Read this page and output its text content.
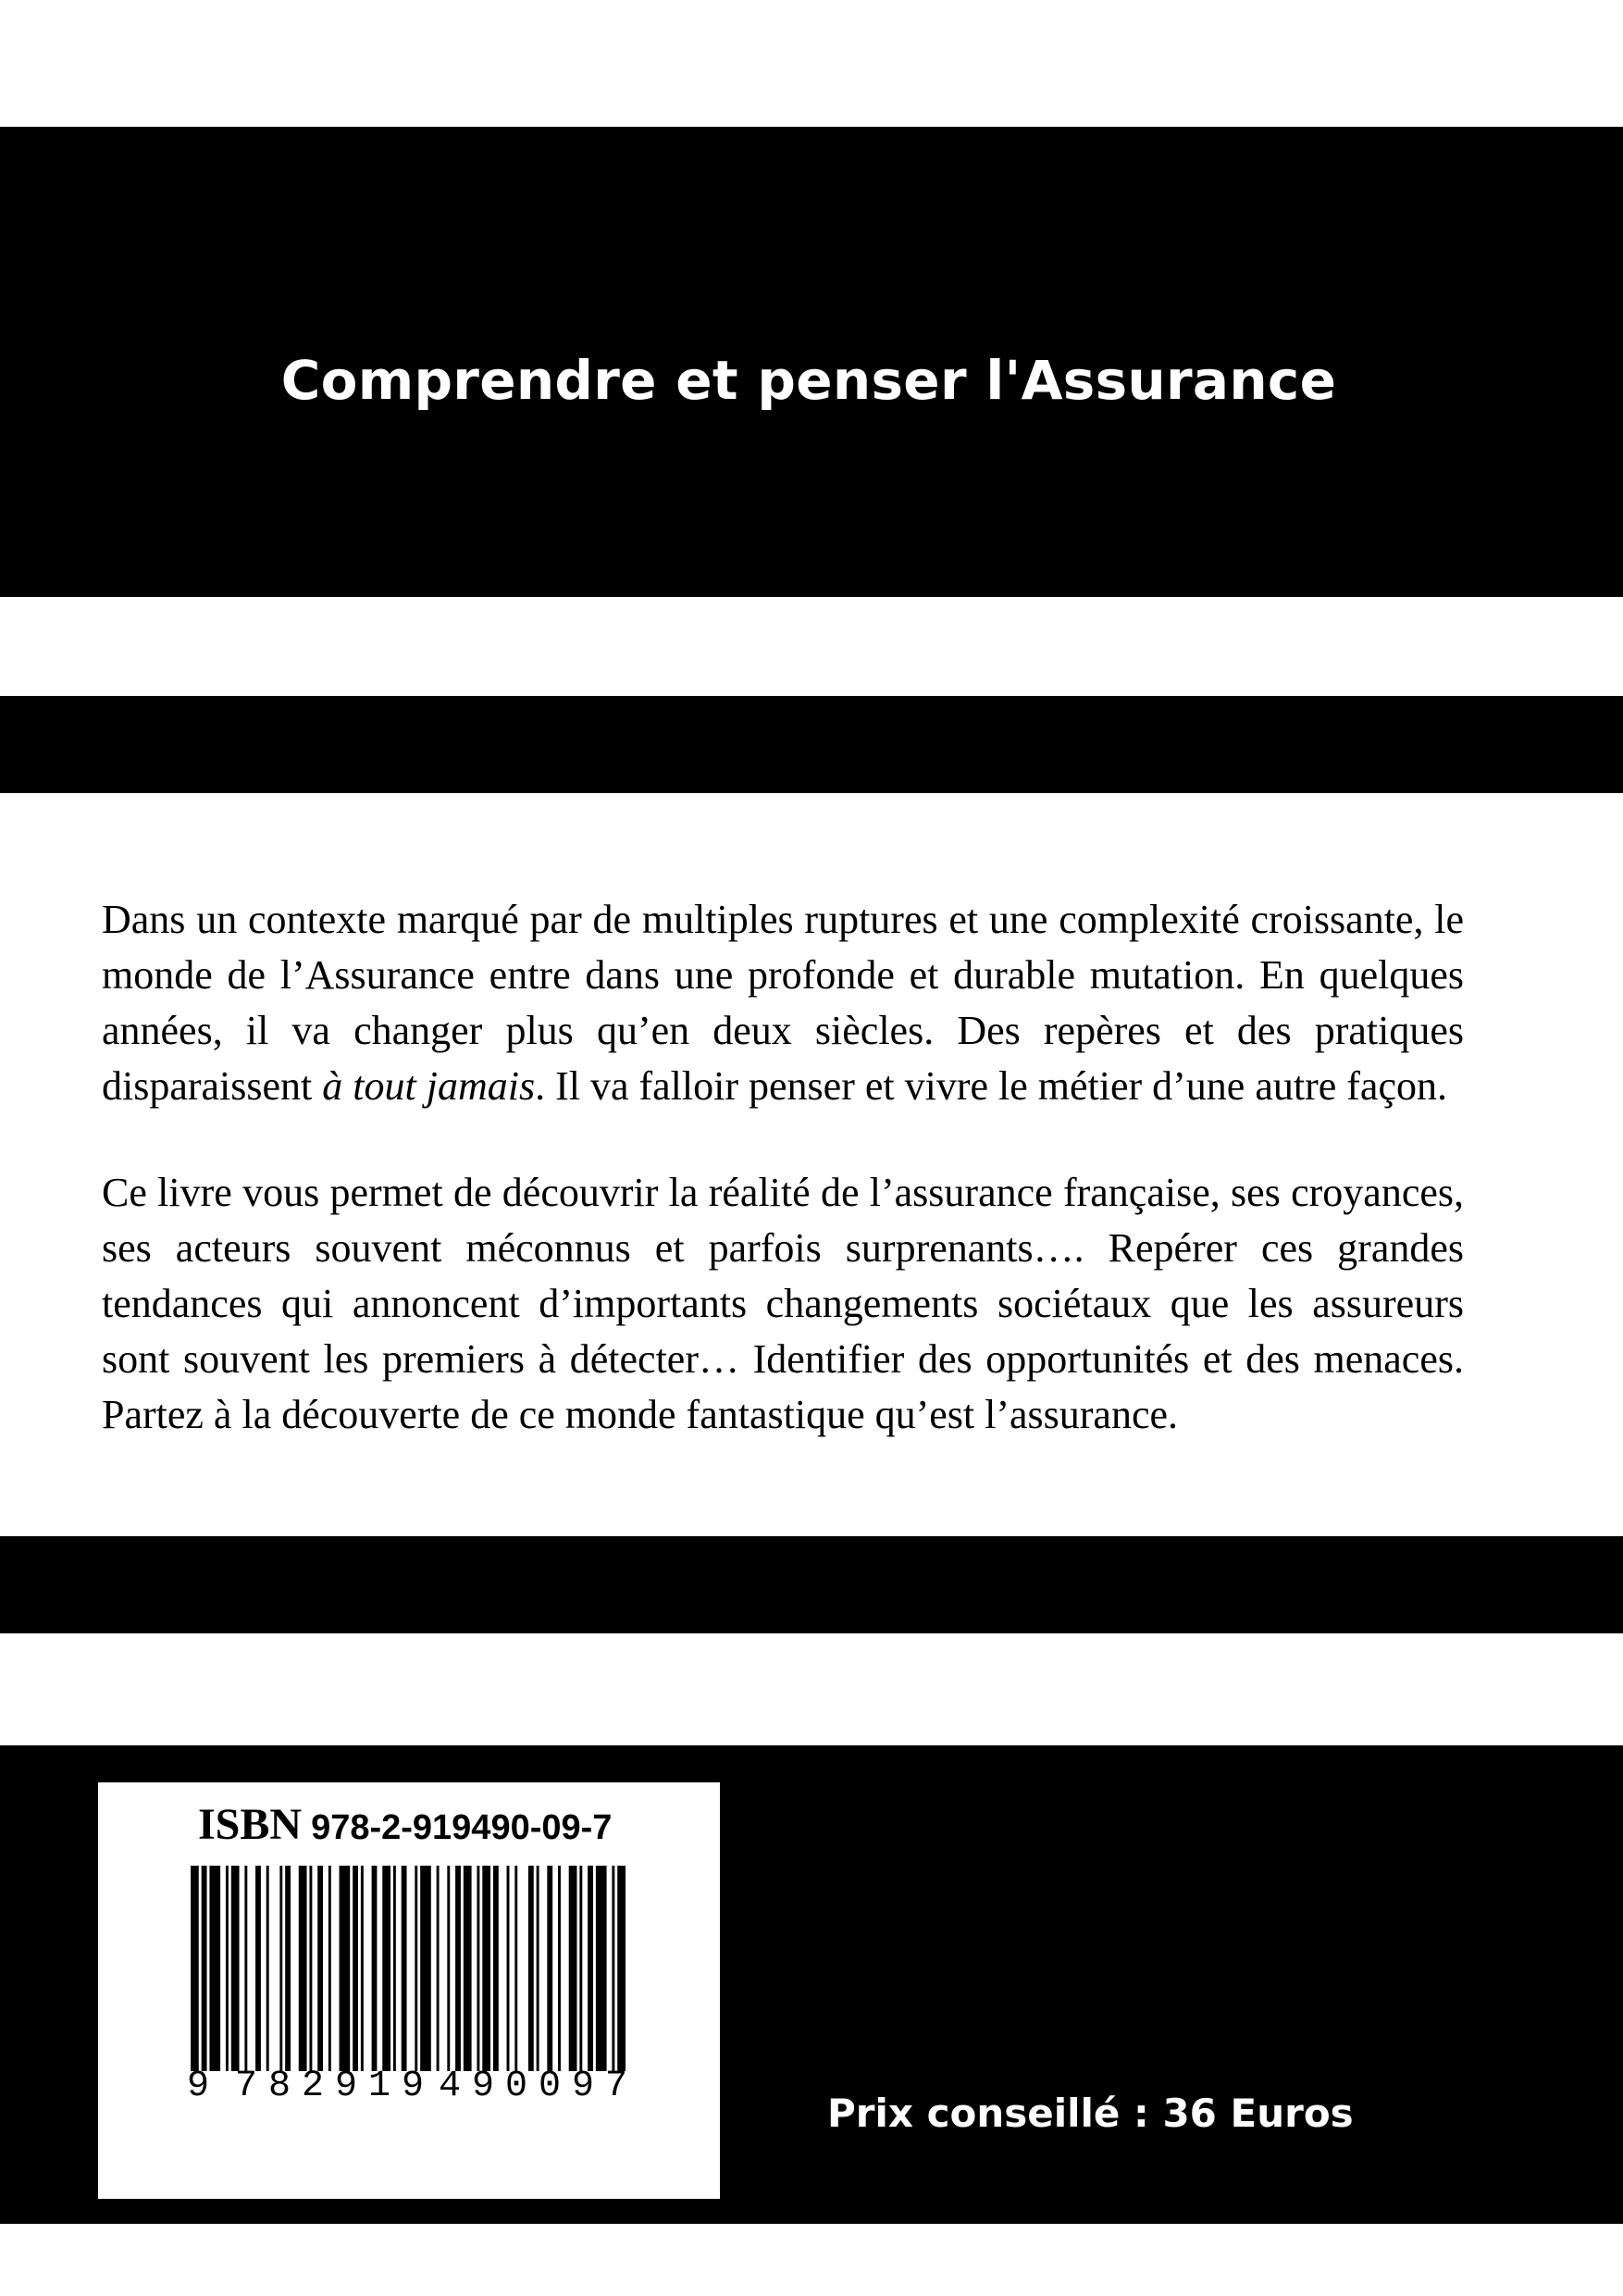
Comprendre et penser l'Assurance

Dans un contexte marqué par de multiples ruptures et une complexité croissante, le monde de l’Assurance entre dans une profonde et durable mutation. En quelques années, il va changer plus qu’en deux siècles. Des repères et des pratiques disparaissent à tout jamais. Il va falloir penser et vivre le métier d’une autre façon.

Ce livre vous permet de découvrir la réalité de l’assurance française, ses croyances, ses acteurs souvent méconnus et parfois surprenants…. Repérer ces grandes tendances qui annoncent d’importants changements sociétaux que les assureurs sont souvent les premiers à détecter… Identifier des opportunités et des menaces. Partez à la découverte de ce monde fantastique qu’est l’assurance.

ISBN 978-2-919490-09-7

9 7 8 2 9 1 9 4 9 0 0 9 7

Prix conseillé : 36 Euros
